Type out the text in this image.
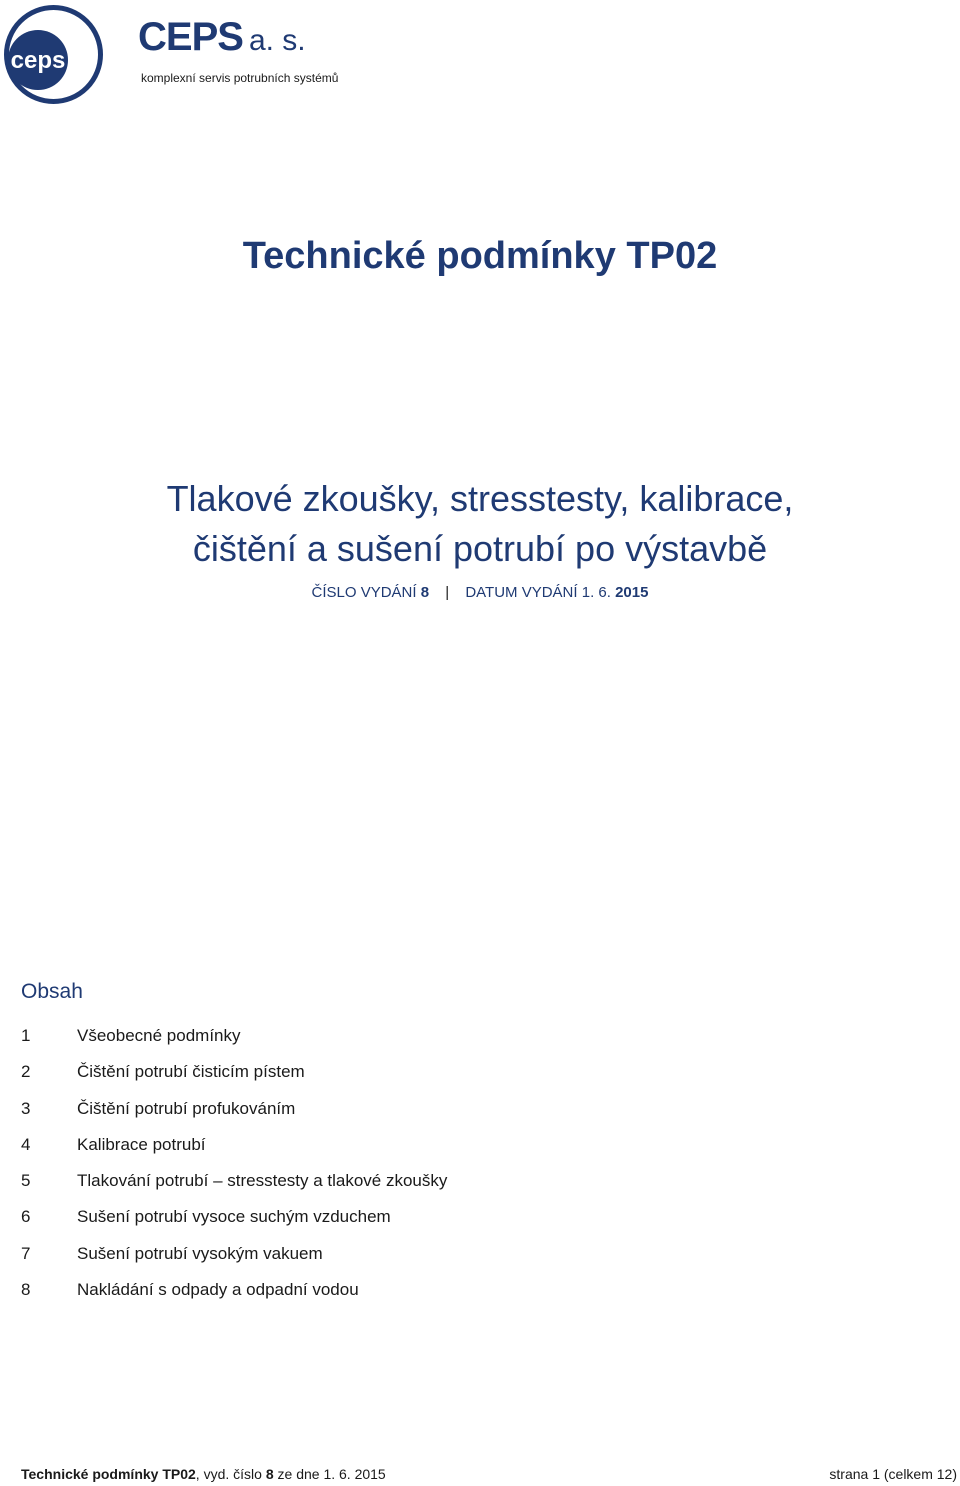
ceps
CEPS a. s.
komplexní servis potrubních systémů
Technické podmínky TP02
Tlakové zkoušky, stresstesty, kalibrace,
čištění a sušení potrubí po výstavbě
ČÍSLO VYDÁNÍ 8 | DATUM VYDÁNÍ 1. 6. 2015
Obsah
1	Všeobecné podmínky
2	Čištění potrubí čisticím pístem
3	Čištění potrubí profukováním
4	Kalibrace potrubí
5	Tlakování potrubí – stresstesty a tlakové zkoušky
6	Sušení potrubí vysoce suchým vzduchem
7	Sušení potrubí vysokým vakuem
8	Nakládání s odpady a odpadní vodou
Technické podmínky TP02, vyd. číslo 8 ze dne 1. 6. 2015	strana 1 (celkem 12)
